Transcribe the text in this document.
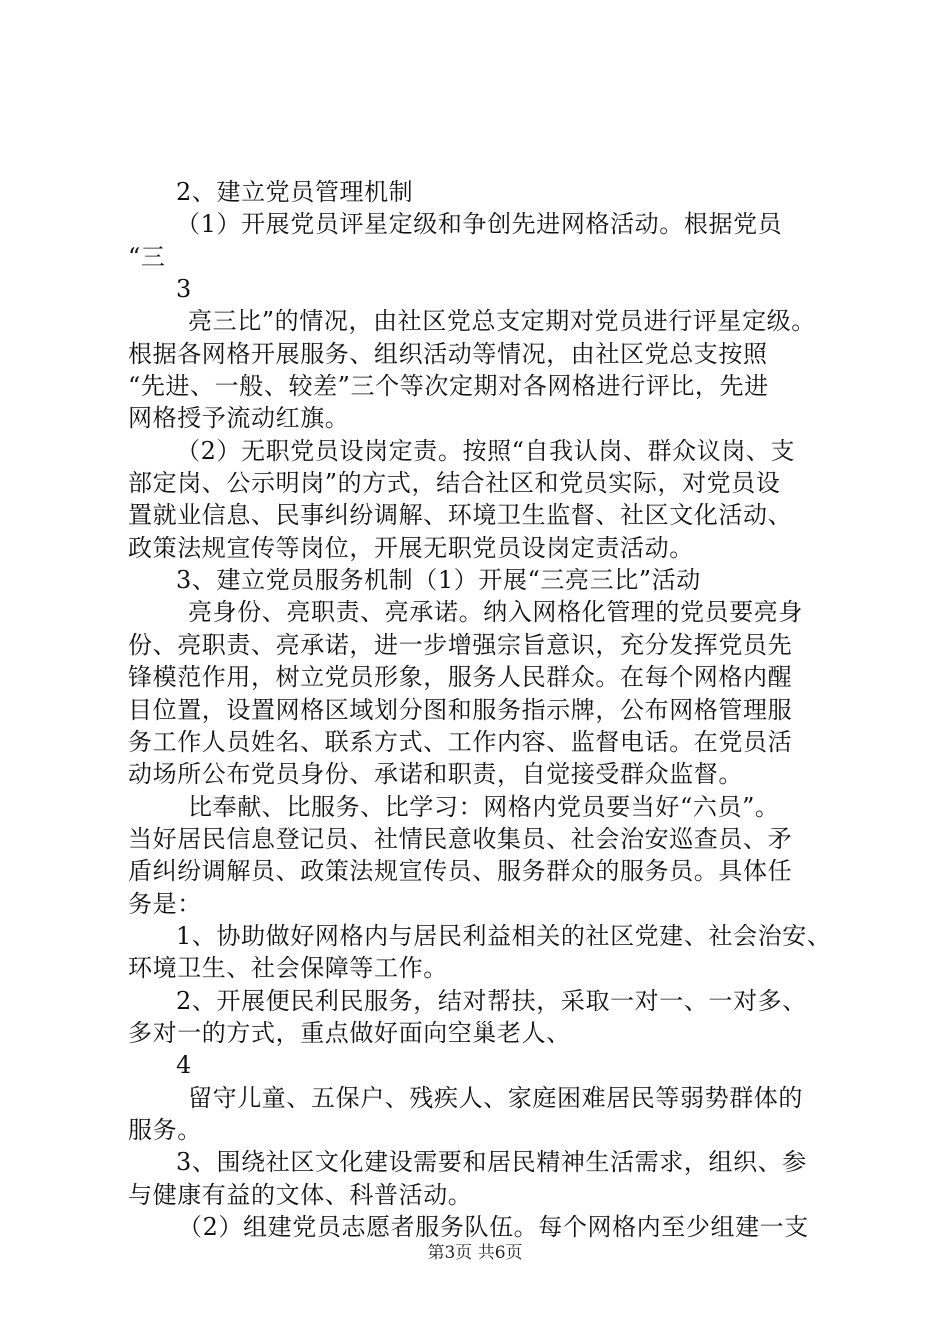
2、建立党员管理机制
（1）开展党员评星定级和争创先进网格活动。根据党员
“三
3
亮三比”的情况，由社区党总支定期对党员进行评星定级。
根据各网格开展服务、组织活动等情况，由社区党总支按照
“先进、一般、较差”三个等次定期对各网格进行评比，先进
网格授予流动红旗。
（2）无职党员设岗定责。按照“自我认岗、群众议岗、支
部定岗、公示明岗”的方式，结合社区和党员实际，对党员设
置就业信息、民事纠纷调解、环境卫生监督、社区文化活动、
政策法规宣传等岗位，开展无职党员设岗定责活动。
3、建立党员服务机制（1）开展“三亮三比”活动
亮身份、亮职责、亮承诺。纳入网格化管理的党员要亮身
份、亮职责、亮承诺，进一步增强宗旨意识，充分发挥党员先
锋模范作用，树立党员形象，服务人民群众。在每个网格内醒
目位置，设置网格区域划分图和服务指示牌，公布网格管理服
务工作人员姓名、联系方式、工作内容、监督电话。在党员活
动场所公布党员身份、承诺和职责，自觉接受群众监督。
比奉献、比服务、比学习：网格内党员要当好“六员”。
当好居民信息登记员、社情民意收集员、社会治安巡查员、矛
盾纠纷调解员、政策法规宣传员、服务群众的服务员。具体任
务是：
1、协助做好网格内与居民利益相关的社区党建、社会治安、
环境卫生、社会保障等工作。
2、开展便民利民服务，结对帮扶，采取一对一、一对多、
多对一的方式，重点做好面向空巢老人、
4
留守儿童、五保户、残疾人、家庭困难居民等弱势群体的
服务。
3、围绕社区文化建设需要和居民精神生活需求，组织、参
与健康有益的文体、科普活动。
（2）组建党员志愿者服务队伍。每个网格内至少组建一支
第3页 共6页
